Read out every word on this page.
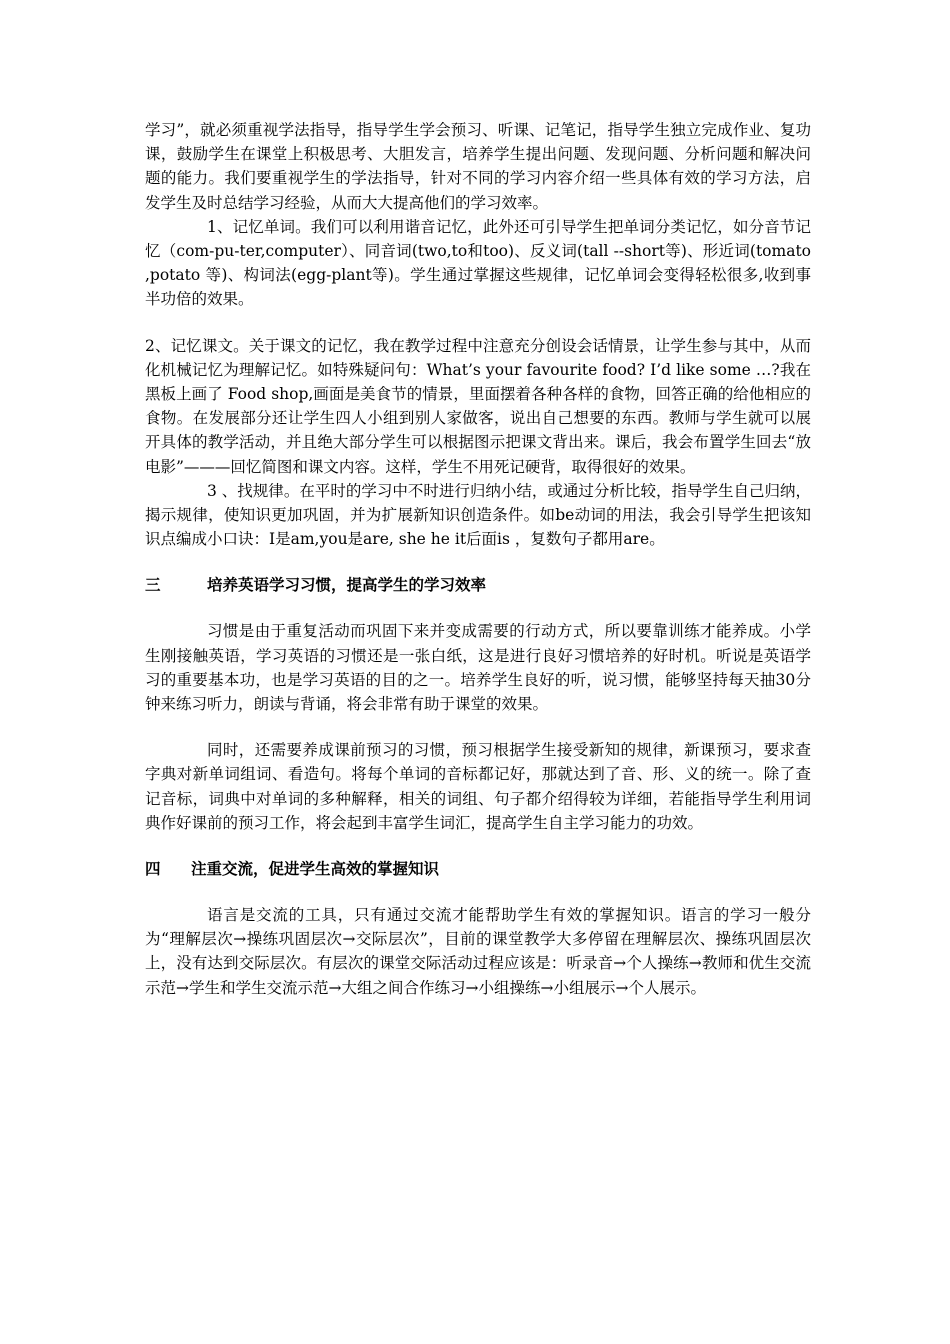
学习”，就必须重视学法指导，指导学生学会预习、听课、记笔记，指导学生独立完成作业、复功课，鼓励学生在课堂上积极思考、大胆发言，培养学生提出问题、发现问题、分析问题和解决问题的能力。我们要重视学生的学法指导，针对不同的学习内容介绍一些具体有效的学习方法，启发学生及时总结学习经验，从而大大提高他们的学习效率。

1、记忆单词。我们可以利用谐音记忆，此外还可引导学生把单词分类记忆，如分音节记忆（com-pu-ter,computer）、同音词(two,to和too)、反义词(tall --short等)、形近词(tomato ,potato 等)、构词法(egg-plant等)。学生通过掌握这些规律，记忆单词会变得轻松很多,收到事半功倍的效果。

2、记忆课文。关于课文的记忆，我在教学过程中注意充分创设会话情景，让学生参与其中，从而化机械记忆为理解记忆。如特殊疑问句：What’s your favourite food? I’d like some …?我在黑板上画了 Food shop,画面是美食节的情景，里面摆着各种各样的食物，回答正确的给他相应的食物。在发展部分还让学生四人小组到别人家做客，说出自己想要的东西。教师与学生就可以展开具体的教学活动，并且绝大部分学生可以根据图示把课文背出来。课后，我会布置学生回去“放电影”———回忆简图和课文内容。这样，学生不用死记硬背，取得很好的效果。

3 、找规律。在平时的学习中不时进行归纳小结，或通过分析比较，指导学生自己归纳，揭示规律，使知识更加巩固，并为扩展新知识创造条件。如be动词的用法，我会引导学生把该知识点编成小口诀：I是am,you是are, she he it后面is ，复数句子都用are。

三	培养英语学习习惯，提高学生的学习效率

习惯是由于重复活动而巩固下来并变成需要的行动方式，所以要靠训练才能养成。小学生刚接触英语，学习英语的习惯还是一张白纸，这是进行良好习惯培养的好时机。听说是英语学习的重要基本功，也是学习英语的目的之一。培养学生良好的听，说习惯，能够坚持每天抽30分钟来练习听力，朗读与背诵，将会非常有助于课堂的效果。

同时，还需要养成课前预习的习惯，预习根据学生接受新知的规律，新课预习，要求查字典对新单词组词、看造句。将每个单词的音标都记好，那就达到了音、形、义的统一。除了查记音标，词典中对单词的多种解释，相关的词组、句子都介绍得较为详细，若能指导学生利用词典作好课前的预习工作，将会起到丰富学生词汇，提高学生自主学习能力的功效。

四	注重交流，促进学生高效的掌握知识

语言是交流的工具，只有通过交流才能帮助学生有效的掌握知识。语言的学习一般分为“理解层次→操练巩固层次→交际层次”，目前的课堂教学大多停留在理解层次、操练巩固层次上，没有达到交际层次。有层次的课堂交际活动过程应该是：听录音→个人操练→教师和优生交流示范→学生和学生交流示范→大组之间合作练习→小组操练→小组展示→个人展示。
